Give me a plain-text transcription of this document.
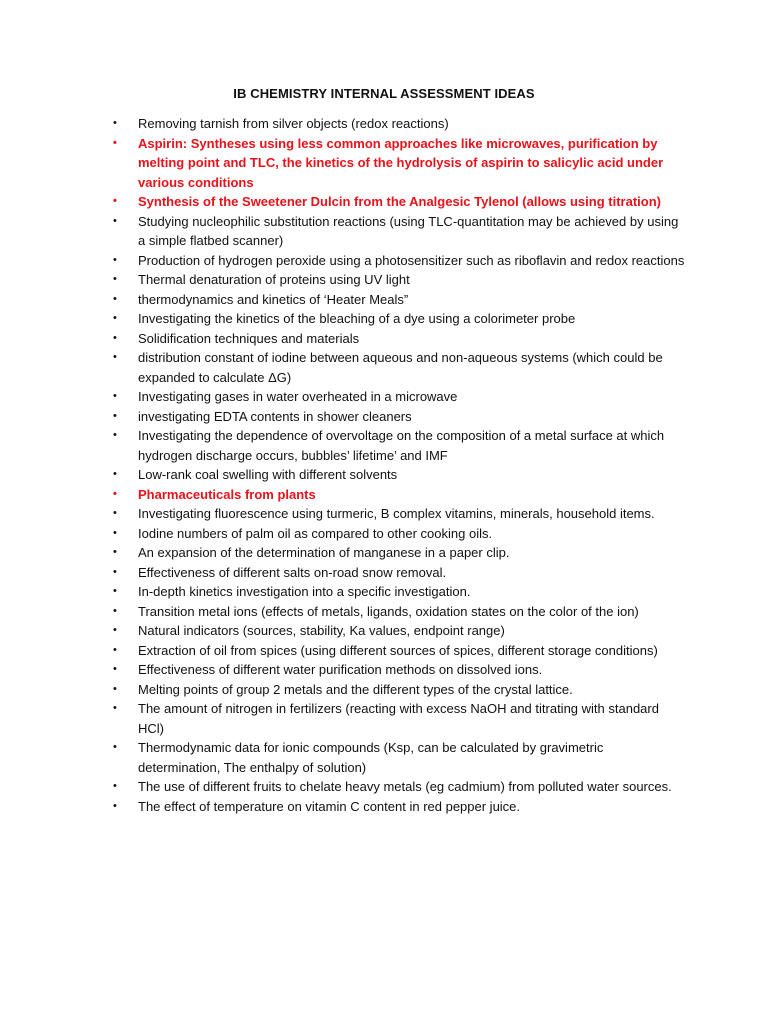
IB CHEMISTRY INTERNAL ASSESSMENT IDEAS
• Removing tarnish from silver objects (redox reactions)
• Aspirin: Syntheses using less common approaches like microwaves, purification by melting point and TLC, the kinetics of the hydrolysis of aspirin to salicylic acid under various conditions
• Synthesis of the Sweetener Dulcin from the Analgesic Tylenol (allows using titration)
• Studying nucleophilic substitution reactions (using TLC-quantitation may be achieved by using a simple flatbed scanner)
• Production of hydrogen peroxide using a photosensitizer such as riboflavin and redox reactions
• Thermal denaturation of proteins using UV light
• thermodynamics and kinetics of ‘Heater Meals”
• Investigating the kinetics of the bleaching of a dye using a colorimeter probe
• Solidification techniques and materials
• distribution constant of iodine between aqueous and non-aqueous systems (which could be expanded to calculate ΔG)
• Investigating gases in water overheated in a microwave
• investigating EDTA contents in shower cleaners
• Investigating the dependence of overvoltage on the composition of a metal surface at which hydrogen discharge occurs, bubbles’ lifetime’ and IMF
• Low-rank coal swelling with different solvents
• Pharmaceuticals from plants
• Investigating fluorescence using turmeric, B complex vitamins, minerals, household items.
• Iodine numbers of palm oil as compared to other cooking oils.
• An expansion of the determination of manganese in a paper clip.
• Effectiveness of different salts on-road snow removal.
• In-depth kinetics investigation into a specific investigation.
• Transition metal ions (effects of metals, ligands, oxidation states on the color of the ion)
• Natural indicators (sources, stability, Ka values, endpoint range)
• Extraction of oil from spices (using different sources of spices, different storage conditions)
• Effectiveness of different water purification methods on dissolved ions.
• Melting points of group 2 metals and the different types of the crystal lattice.
• The amount of nitrogen in fertilizers (reacting with excess NaOH and titrating with standard HCl)
• Thermodynamic data for ionic compounds (Ksp, can be calculated by gravimetric determination, The enthalpy of solution)
• The use of different fruits to chelate heavy metals (eg cadmium) from polluted water sources.
• The effect of temperature on vitamin C content in red pepper juice.
